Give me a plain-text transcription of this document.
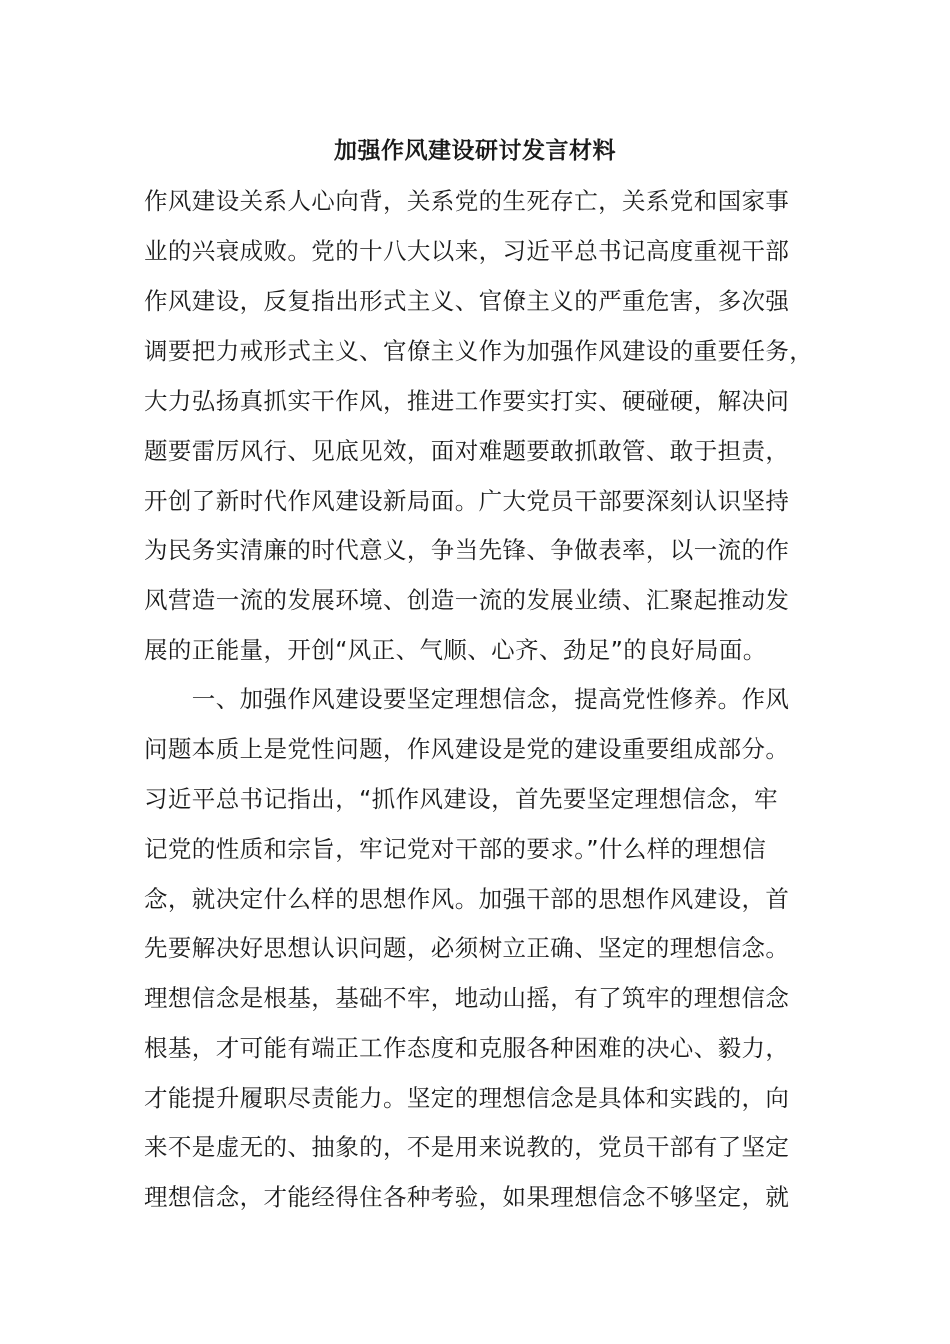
加强作风建设研讨发言材料
作风建设关系人心向背，关系党的生死存亡，关系党和国家事
业的兴衰成败。党的十八大以来，习近平总书记高度重视干部
作风建设，反复指出形式主义、官僚主义的严重危害，多次强
调要把力戒形式主义、官僚主义作为加强作风建设的重要任务，
大力弘扬真抓实干作风，推进工作要实打实、硬碰硬，解决问
题要雷厉风行、见底见效，面对难题要敢抓敢管、敢于担责，
开创了新时代作风建设新局面。广大党员干部要深刻认识坚持
为民务实清廉的时代意义，争当先锋、争做表率，以一流的作
风营造一流的发展环境、创造一流的发展业绩、汇聚起推动发
展的正能量，开创“风正、气顺、心齐、劲足”的良好局面。
　　一、加强作风建设要坚定理想信念，提高党性修养。作风
问题本质上是党性问题，作风建设是党的建设重要组成部分。
习近平总书记指出，“抓作风建设，首先要坚定理想信念，牢
记党的性质和宗旨，牢记党对干部的要求。”什么样的理想信
念，就决定什么样的思想作风。加强干部的思想作风建设，首
先要解决好思想认识问题，必须树立正确、坚定的理想信念。
理想信念是根基，基础不牢，地动山摇，有了筑牢的理想信念
根基，才可能有端正工作态度和克服各种困难的决心、毅力，
才能提升履职尽责能力。坚定的理想信念是具体和实践的，向
来不是虚无的、抽象的，不是用来说教的，党员干部有了坚定
理想信念，才能经得住各种考验，如果理想信念不够坚定，就
